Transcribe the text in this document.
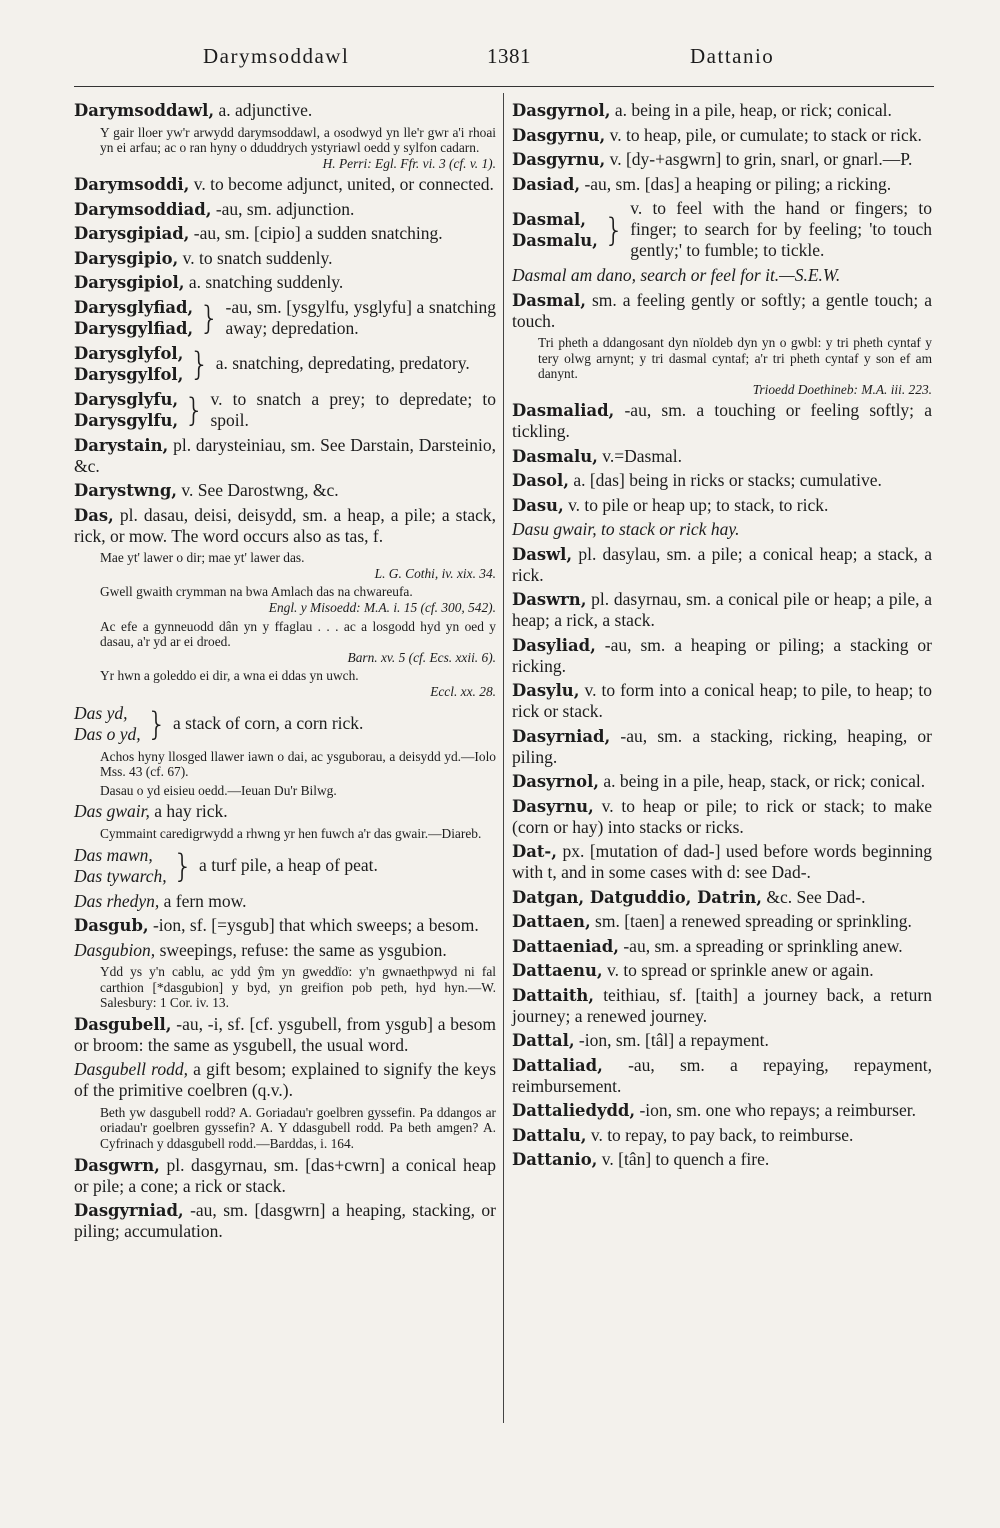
Darymsoddawl	1381	Dattanio

Darymsoddawl, a. adjunctive.

Y gair lloer yw'r arwydd darymsoddawl, a osodwyd yn lle'r gwr a'i rhoai yn ei arfau; ac o ran hyny o dduddrych ystyriawl oedd y sylfon cadarn.
H. Perri: Egl. Ffr. vi. 3 (cf. v. 1).

Darymsoddi, v. to become adjunct, united, or connected.

Darymsoddiad, -au, sm. adjunction.

Darysgipiad, -au, sm. [cipio] a sudden snatching.

Darysgipio, v. to snatch suddenly.

Darysgipiol, a. snatching suddenly.

Darysglyfiad,
Darysgylfiad, } -au, sm. [ysgylfu, ysglyfu] a snatching away; depredation.
Darysglyfol,
Darysgylfol, } a. snatching, depredating, predatory.
Darysglyfu,
Darysgylfu, } v. to snatch a prey; to depredate; to spoil.

Darystain, pl. darysteiniau, sm. See Darstain, Darsteinio, &c.

Darystwng, v. See Darostwng, &c.

Das, pl. dasau, deisi, deisydd, sm. a heap, a pile; a stack, rick, or mow. The word occurs also as tas, f.

Mae yt' lawer o dir; mae yt' lawer das.
L. G. Cothi, iv. xix. 34.
Gwell gwaith crymman na bwa Amlach das na chwareufa.
Engl. y Misoedd: M.A. i. 15 (cf. 300, 542).
Ac efe a gynneuodd dân yn y ffaglau . . . ac a losgodd hyd yn oed y dasau, a'r yd ar ei droed.
Barn. xv. 5 (cf. Ecs. xxii. 6).
Yr hwn a goleddo ei dir, a wna ei ddas yn uwch.
Eccl. xx. 28.
Das yd,
Das o yd, } a stack of corn, a corn rick.
Achos hyny llosged llawer iawn o dai, ac ysguborau, a deisydd yd.—Iolo Mss. 43 (cf. 67).
Dasau o yd eisieu oedd.—Ieuan Du'r Bilwg.

Das gwair, a hay rick.

Cymmaint caredigrwydd a rhwng yr hen fuwch a'r das gwair.—Diareb.
Das mawn,
Das tywarch, } a turf pile, a heap of peat.

Das rhedyn, a fern mow.

Dasgub, -ion, sf. [=ysgub] that which sweeps; a besom.

Dasgubion, sweepings, refuse: the same as ysgubion.

Ydd ys y'n cablu, ac ydd ŷm yn gweddïo: y'n gwnaethpwyd ni fal carthion [*dasgubion] y byd, yn greifion pob peth, hyd hyn.—W. Salesbury: 1 Cor. iv. 13.

Dasgubell, -au, -i, sf. [cf. ysgubell, from ysgub] a besom or broom: the same as ysgubell, the usual word.

Dasgubell rodd, a gift besom; explained to signify the keys of the primitive coelbren (q.v.).

Beth yw dasgubell rodd? A. Goriadau'r goelbren gyssefin. Pa ddangos ar oriadau'r goelbren gyssefin? A. Y ddasgubell rodd. Pa beth amgen? A. Cyfrinach y ddasgubell rodd.—Barddas, i. 164.

Dasgwrn, pl. dasgyrnau, sm. [das+cwrn] a conical heap or pile; a cone; a rick or stack.

Dasgyrniad, -au, sm. [dasgwrn] a heaping, stacking, or piling; accumulation.

Dasgyrnol, a. being in a pile, heap, or rick; conical.

Dasgyrnu, v. to heap, pile, or cumulate; to stack or rick.

Dasgyrnu, v. [dy-+asgwrn] to grin, snarl, or gnarl.—P.

Dasiad, -au, sm. [das] a heaping or piling; a ricking.

Dasmal,
Dasmalu, }
v. to feel with the hand or fingers; to finger; to search for by feeling; 'to touch gently;' to fumble; to tickle.

Dasmal am dano, search or feel for it.—S.E.W.

Dasmal, sm. a feeling gently or softly; a gentle touch; a touch.

Tri pheth a ddangosant dyn nïoldeb dyn yn o gwbl: y tri pheth cyntaf y tery olwg arnynt; y tri dasmal cyntaf; a'r tri pheth cyntaf y son ef am danynt.
Trioedd Doethineb: M.A. iii. 223.

Dasmaliad, -au, sm. a touching or feeling softly; a tickling.

Dasmalu, v.=Dasmal.

Dasol, a. [das] being in ricks or stacks; cumulative.

Dasu, v. to pile or heap up; to stack, to rick.

Dasu gwair, to stack or rick hay.

Daswl, pl. dasylau, sm. a pile; a conical heap; a stack, a rick.

Daswrn, pl. dasyrnau, sm. a conical pile or heap; a pile, a heap; a rick, a stack.

Dasyliad, -au, sm. a heaping or piling; a stacking or ricking.

Dasylu, v. to form into a conical heap; to pile, to heap; to rick or stack.

Dasyrniad, -au, sm. a stacking, ricking, heaping, or piling.

Dasyrnol, a. being in a pile, heap, stack, or rick; conical.

Dasyrnu, v. to heap or pile; to rick or stack; to make (corn or hay) into stacks or ricks.

Dat-, px. [mutation of dad-] used before words beginning with t, and in some cases with d: see Dad-.

Datgan, Datguddio, Datrin, &c. See Dad-.

Dattaen, sm. [taen] a renewed spreading or sprinkling.

Dattaeniad, -au, sm. a spreading or sprinkling anew.

Dattaenu, v. to spread or sprinkle anew or again.

Dattaith, teithiau, sf. [taith] a journey back, a return journey; a renewed journey.

Dattal, -ion, sm. [tâl] a repayment.

Dattaliad, -au, sm. a repaying, repayment, reimbursement.

Dattaliedydd, -ion, sm. one who repays; a reimburser.

Dattalu, v. to repay, to pay back, to reimburse.

Dattanio, v. [tân] to quench a fire.
